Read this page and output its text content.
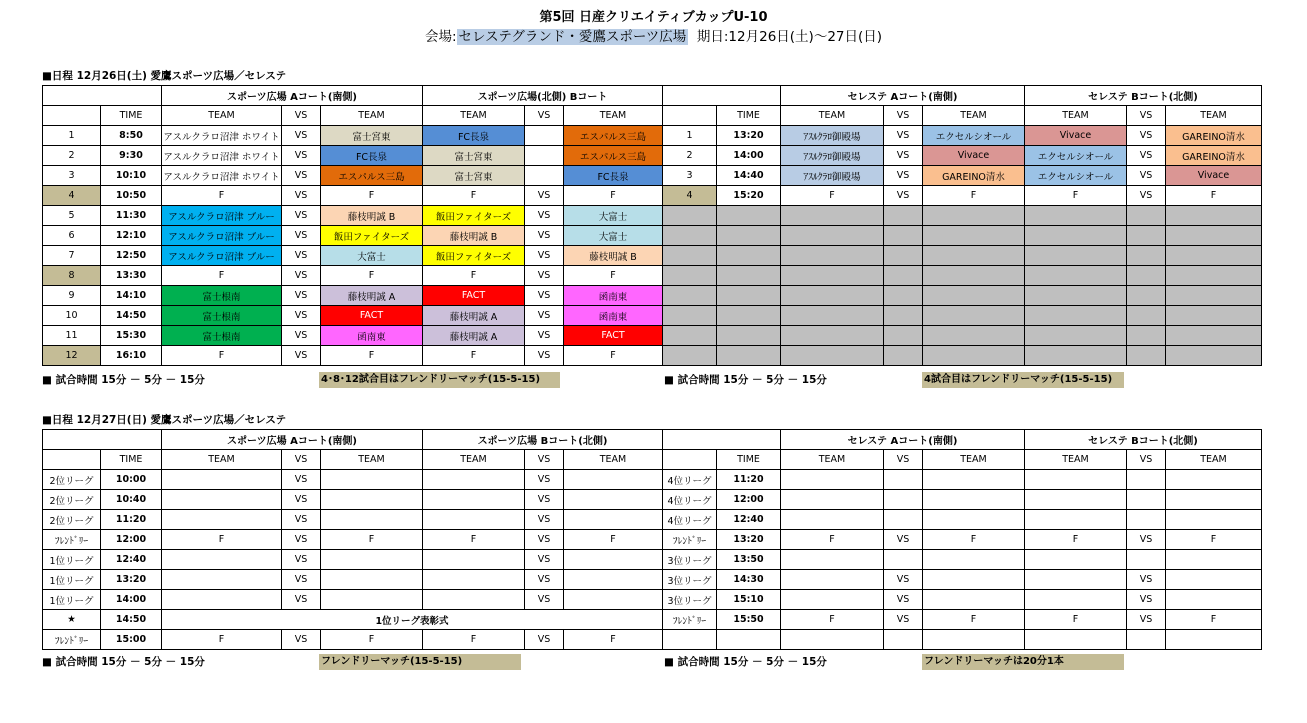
第5回 日産クリエイティブカップU-10
会場: セレステグランド・愛鷹スポーツ広場 期日:12月26日(土)～27日(日)
■日程 12月26日(土) 愛鷹スポーツ広場／セレステ
		スポーツ広場 Aコート(南側)			スポーツ広場(北側) Bコート					セレステ Aコート(南側)			セレステ Bコート(北側)		
	TIME	TEAM	VS	TEAM	TEAM	VS	TEAM		TIME	TEAM	VS	TEAM	TEAM	VS	TEAM
1	8:50	アスルクラロ沼津 ホワイト	VS	富士宮東	FC長泉		エスパルス三島	1	13:20	ｱｽﾙｸﾗﾛ御殿場	VS	エクセルシオール	Vivace	VS	GAREINO清水
2	9:30	アスルクラロ沼津 ホワイト	VS	FC長泉	富士宮東		エスパルス三島	2	14:00	ｱｽﾙｸﾗﾛ御殿場	VS	Vivace	エクセルシオール	VS	GAREINO清水
3	10:10	アスルクラロ沼津 ホワイト	VS	エスパルス三島	富士宮東		FC長泉	3	14:40	ｱｽﾙｸﾗﾛ御殿場	VS	GAREINO清水	エクセルシオール	VS	Vivace
4	10:50	F	VS	F	F	VS	F	4	15:20	F	VS	F	F	VS	F
5	11:30	アスルクラロ沼津 ブルー	VS	藤枝明誠 B	飯田ファイターズ	VS	大富士								
6	12:10	アスルクラロ沼津 ブルー	VS	飯田ファイターズ	藤枝明誠 B	VS	大富士								
7	12:50	アスルクラロ沼津 ブルー	VS	大富士	飯田ファイターズ	VS	藤枝明誠 B								
8	13:30	F	VS	F	F	VS	F								
9	14:10	富士根南	VS	藤枝明誠 A	FACT	VS	函南東								
10	14:50	富士根南	VS	FACT	藤枝明誠 A	VS	函南東								
11	15:30	富士根南	VS	函南東	藤枝明誠 A	VS	FACT								
12	16:10	F	VS	F	F	VS	F								
■ 試合時間 15分 － 5分 － 15分	4･8･12試合目はフレンドリーマッチ(15-5-15)	■ 試合時間 15分 － 5分 － 15分	4試合目はフレンドリーマッチ(15-5-15)
■日程 12月27日(日) 愛鷹スポーツ広場／セレステ
		スポーツ広場 Aコート(南側)			スポーツ広場 Bコート(北側)					セレステ Aコート(南側)			セレステ Bコート(北側)		
	TIME	TEAM	VS	TEAM	TEAM	VS	TEAM		TIME	TEAM	VS	TEAM	TEAM	VS	TEAM
2位リーグ	10:00		VS			VS		4位リーグ	11:20						
2位リーグ	10:40		VS			VS		4位リーグ	12:00						
2位リーグ	11:20		VS			VS		4位リーグ	12:40						
ﾌﾚﾝﾄﾞﾘｰ	12:00	F	VS	F	F	VS	F	ﾌﾚﾝﾄﾞﾘｰ	13:20	F	VS	F	F	VS	F
1位リーグ	12:40		VS			VS		3位リーグ	13:50						
1位リーグ	13:20		VS			VS		3位リーグ	14:30		VS			VS	
1位リーグ	14:00		VS			VS		3位リーグ	15:10		VS			VS	
★	14:50	1位リーグ表彰式						ﾌﾚﾝﾄﾞﾘｰ	15:50	F	VS	F	F	VS	F
ﾌﾚﾝﾄﾞﾘｰ	15:00	F	VS	F	F	VS	F								
■ 試合時間 15分 － 5分 － 15分	フレンドリーマッチ(15-5-15)	■ 試合時間 15分 － 5分 － 15分	フレンドリーマッチは20分1本
